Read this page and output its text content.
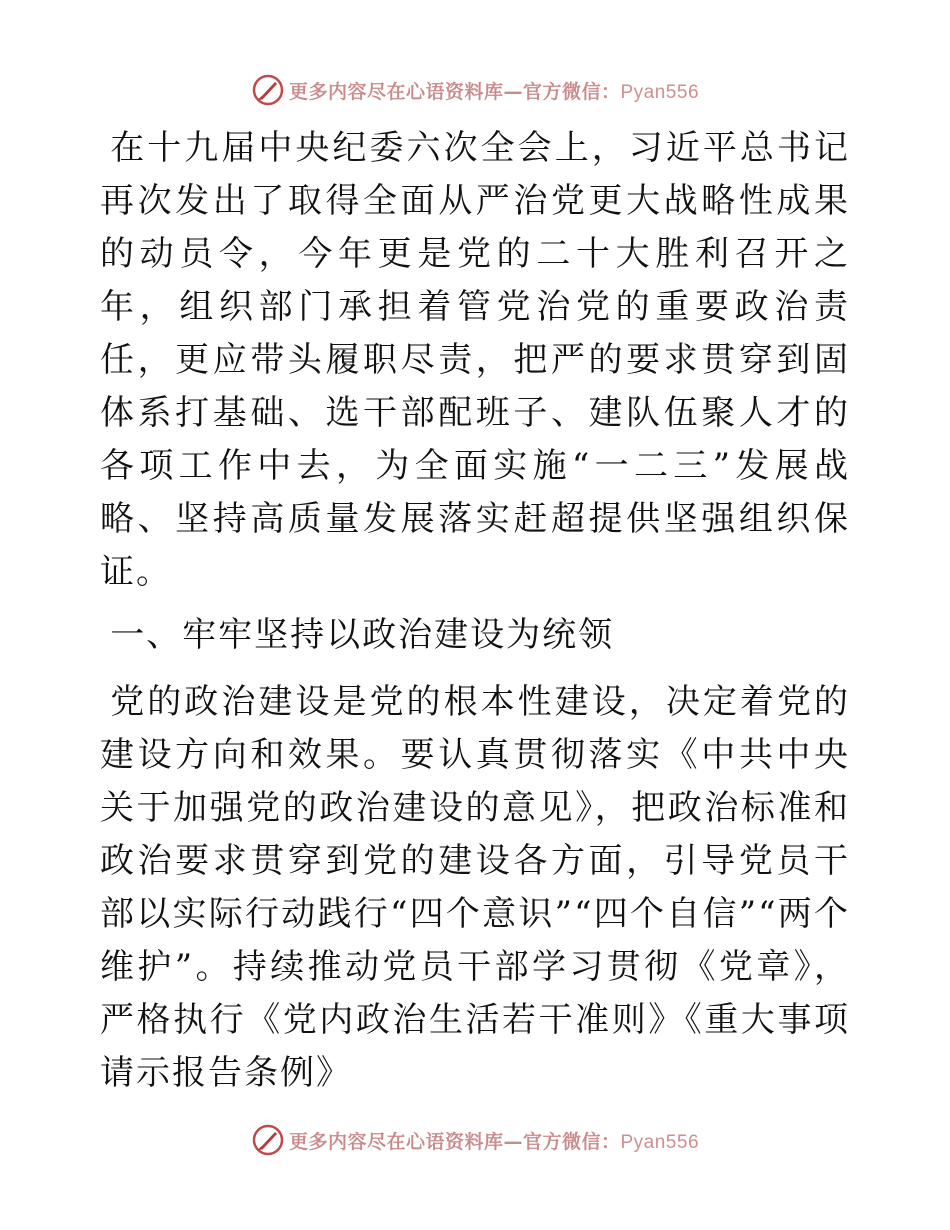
更多内容尽在心语资料库—官方微信：Pyan556

在十九届中央纪委六次全会上，习近平总书记再次发出了取得全面从严治党更大战略性成果的动员令，今年更是党的二十大胜利召开之年，组织部门承担着管党治党的重要政治责任，更应带头履职尽责，把严的要求贯穿到固体系打基础、选干部配班子、建队伍聚人才的各项工作中去，为全面实施“一二三”发展战略、坚持高质量发展落实赶超提供坚强组织保证。

一、牢牢坚持以政治建设为统领

党的政治建设是党的根本性建设，决定着党的建设方向和效果。要认真贯彻落实《中共中央关于加强党的政治建设的意见》，把政治标准和政治要求贯穿到党的建设各方面，引导党员干部以实际行动践行“四个意识”“四个自信”“两个维护”。持续推动党员干部学习贯彻《党章》，严格执行《党内政治生活若干准则》《重大事项请示报告条例》

更多内容尽在心语资料库—官方微信：Pyan556
